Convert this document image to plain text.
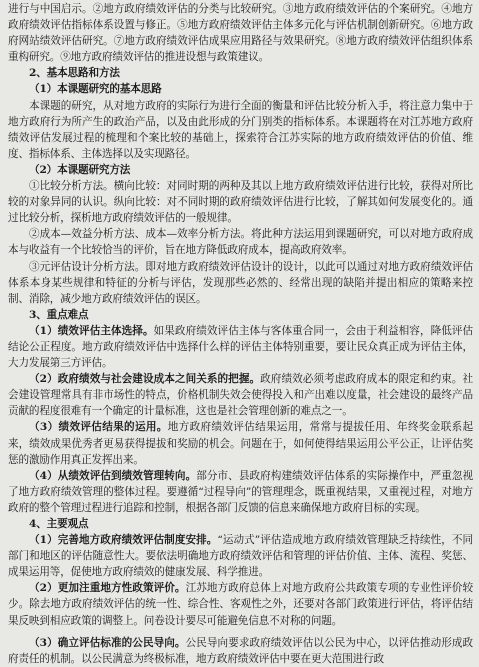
进行与中国启示。②地方政府绩效评估的分类与比较研究。③地方政府绩效评估的个案研究。④地方政府绩效评估指标体系设置与修正。⑤地方政府绩效评估主体多元化与评估机制创新研究。⑥地方政府网站绩效评估研究。⑦地方政府绩效评估成果应用路径与效果研究。⑧地方政府绩效评估组织体系重构研究。⑨地方政府绩效评估的推进设想与政策建议。

2、基本思路和方法

（1）本课题研究的基本思路

本课题的研究，从对地方政府的实际行为进行全面的衡量和评估比较分析入手，将注意力集中于地方政府行为所产生的政治产品，以及由此形成的分门别类的指标体系。本课题将在对江苏地方政府绩效评估发展过程的梳理和个案比较的基础上，探索符合江苏实际的地方政府绩效评估的价值、维度、指标体系、主体选择以及实现路径。

（2）本课题研究方法

①比较分析方法。横向比较：对同时期的两种及其以上地方政府绩效评估进行比较，获得对所比较的对象异同的认识。纵向比较：对不同时期的政府绩效评估进行比较，了解其如何发展变化的。通过比较分析，探析地方政府绩效评估的一般规律。

②成本—效益分析方法、成本—效率分析方法。将此种方法运用到课题研究，可以对地方政府成本与收益有一个比较恰当的评价，旨在地方降低政府成本，提高政府效率。

③元评估设计分析方法。即对地方政府绩效评估设计的设计，以此可以通过对地方政府绩效评估体系本身某些规律和特征的分析与评估，发现那些必然的、经常出现的缺陷并提出相应的策略来控制、消除，减少地方政府绩效评估的误区。

3、重点难点

（1）绩效评估主体选择。如果政府绩效评估主体与客体重合同一，会由于利益相容，降低评估结论公正程度。地方政府绩效评估中选择什么样的评估主体特别重要，要让民众真正成为评估主体，大力发展第三方评估。

（2）政府绩效与社会建设成本之间关系的把握。政府绩效必须考虑政府成本的限定和约束。社会建设管理常具有非市场性的特点，价格机制失效会使得投入和产出难以度量，社会建设的最终产品贡献的程度很难有一个确定的计量标准，这也是社会管理创新的难点之一。

（3）绩效评估结果的运用。地方政府绩效评估结果运用，常常与提拔任用、年终奖金联系起来，绩效成果优秀者更易获得提拔和奖励的机会。问题在于，如何使得结果运用公平公正，让评估奖惩的激励作用真正发挥出来。

（4）从绩效评估到绩效管理转向。部分市、县政府构建绩效评估体系的实际操作中，严重忽视了地方政府绩效管理的整体过程。要遵循“过程导向”的管理理念，既重视结果，又重视过程，对地方政府的整个管理过程进行追踪和控制，根据各部门反馈的信息来确保地方政府目标的实现。

4、主要观点

（1）完善地方政府绩效评估制度安排。“运动式”评估造成地方政府绩效管理缺乏持续性，不同部门和地区的评估随意性大。要依法明确地方政府绩效评估和管理的评估价值、主体、流程、奖惩、成果运用等，促使地方政府绩效的健康发展、科学推进。

（2）更加注重地方性政策评价。江苏地方政府总体上对地方政府公共政策专项的专业性评价较少。除去地方政府绩效评估的统一性、综合性、客观性之外，还要对各部门政策进行评估，将评估结果反映到相应政策的调整上。问卷设计要尽可能避免信息不对称的问题。

（3）确立评估标准的公民导向。公民导向要求政府绩效评估以公民为中心，以评估推动形成政府责任的机制。以公民满意为终极标准，地方政府绩效评估中要在更大范围进行政
